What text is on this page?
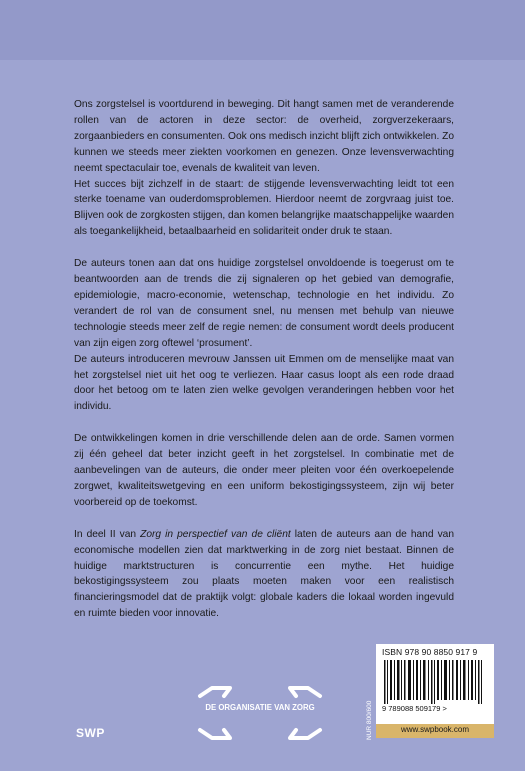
Ons zorgstelsel is voortdurend in beweging. Dit hangt samen met de veranderende rollen van de actoren in deze sector: de overheid, zorgverzekeraars, zorgaanbieders en consumenten. Ook ons medisch inzicht blijft zich ontwikkelen. Zo kunnen we steeds meer ziekten voorkomen en genezen. Onze levensverwachting neemt spectaculair toe, evenals de kwaliteit van leven.

Het succes bijt zichzelf in de staart: de stijgende levensverwachting leidt tot een sterke toename van ouderdomsproblemen. Hierdoor neemt de zorgvraag juist toe. Blijven ook de zorgkosten stijgen, dan komen belangrijke maatschappelijke waarden als toegankelijkheid, betaalbaarheid en solidariteit onder druk te staan.

De auteurs tonen aan dat ons huidige zorgstelsel onvoldoende is toegerust om te beantwoorden aan de trends die zij signaleren op het gebied van demografie, epidemiologie, macro-economie, wetenschap, technologie en het individu. Zo verandert de rol van de consument snel, nu mensen met behulp van nieuwe technologie steeds meer zelf de regie nemen: de consument wordt deels producent van zijn eigen zorg oftewel ‘prosument’.

De auteurs introduceren mevrouw Janssen uit Emmen om de menselijke maat van het zorgstelsel niet uit het oog te verliezen. Haar casus loopt als een rode draad door het betoog om te laten zien welke gevolgen veranderingen hebben voor het individu.

De ontwikkelingen komen in drie verschillende delen aan de orde. Samen vormen zij één geheel dat beter inzicht geeft in het zorgstelsel. In combinatie met de aanbevelingen van de auteurs, die onder meer pleiten voor één overkoepelende zorgwet, kwaliteitswetgeving en een uniform bekostigingssysteem, zijn wij beter voorbereid op de toekomst.

In deel II van Zorg in perspectief van de cliënt laten de auteurs aan de hand van economische modellen zien dat marktwerking in de zorg niet bestaat. Binnen de huidige marktstructuren is concurrentie een mythe. Het huidige bekostigingssysteem zou plaats moeten maken voor een realistisch financieringsmodel dat de praktijk volgt: globale kaders die lokaal worden ingevuld en ruimte bieden voor innovatie.

DE ORGANISATIE VAN ZORG
SWP	NUR 800/600
ISBN 978 90 8850 917 9
9 789088 509179 >
www.swpbook.com
